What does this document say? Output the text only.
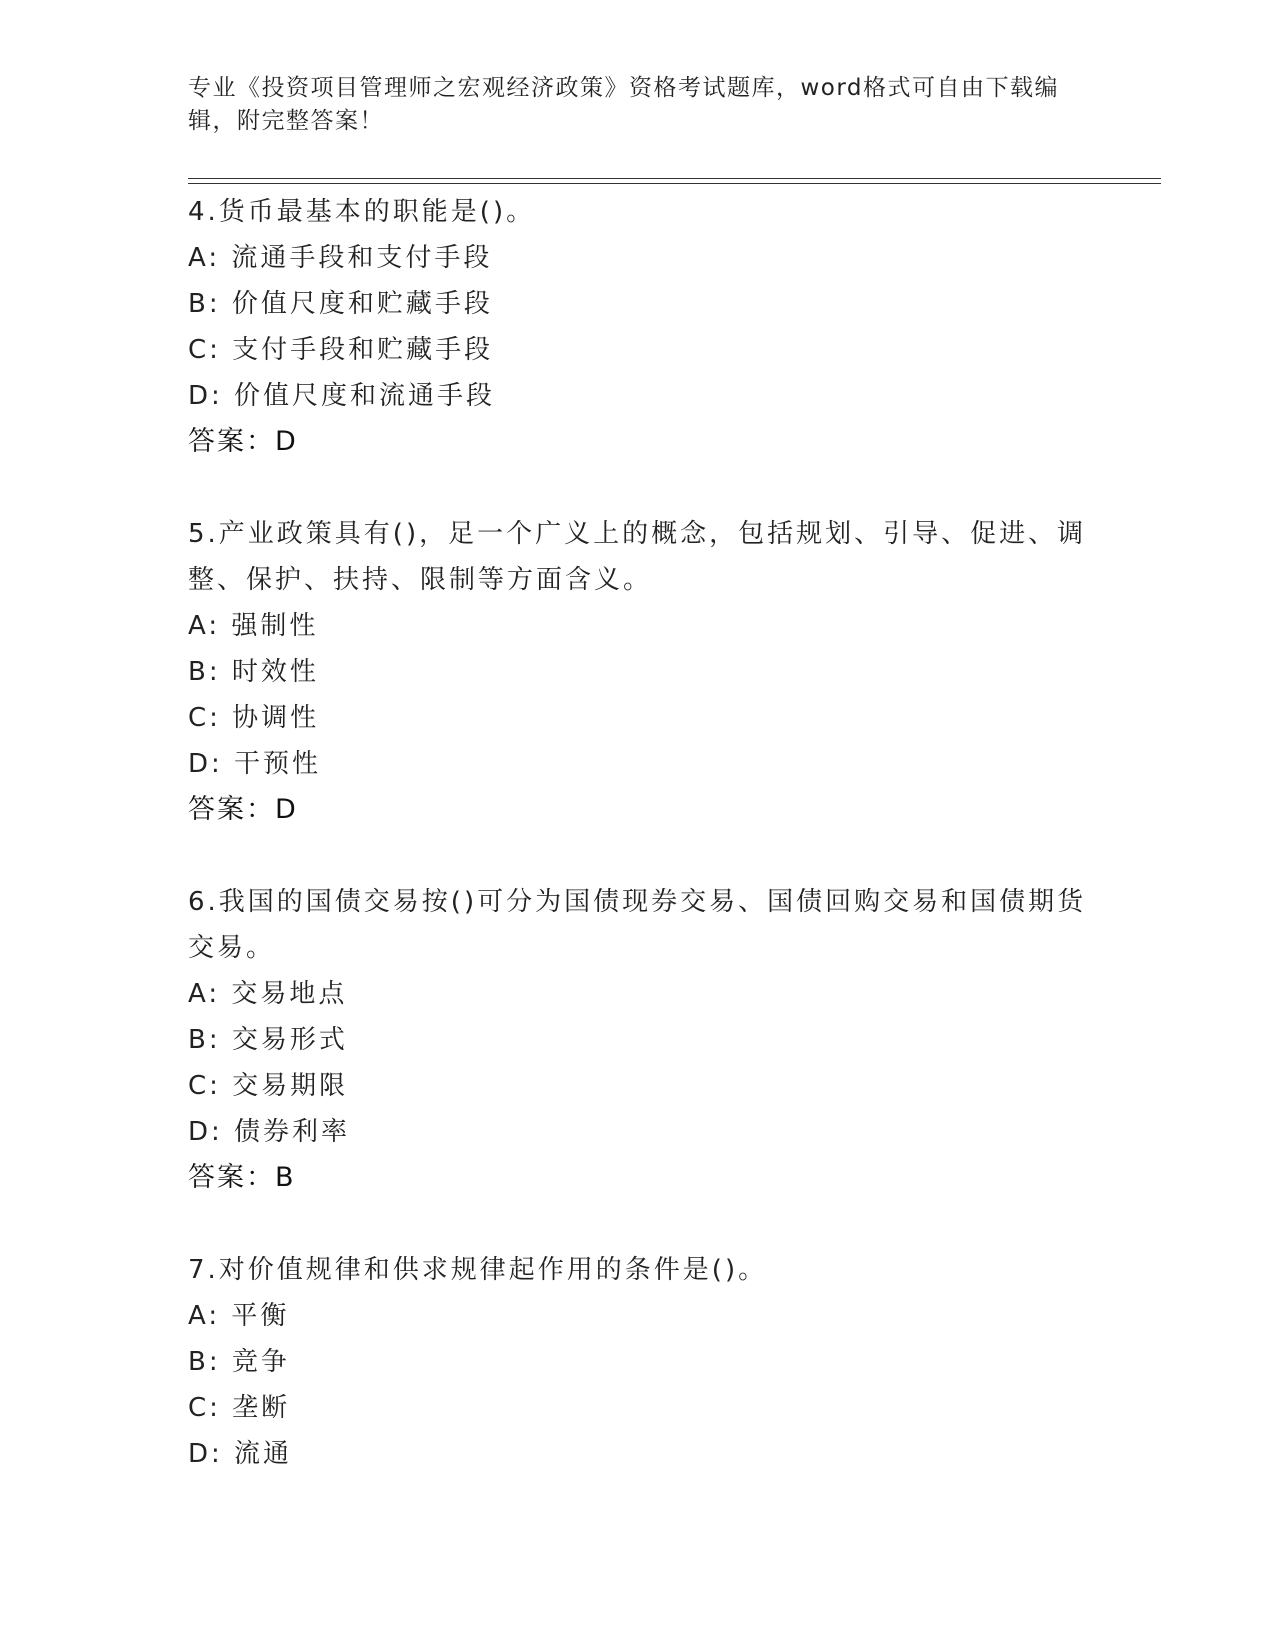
专业《投资项目管理师之宏观经济政策》资格考试题库，word格式可自由下载编辑，附完整答案！
4.货币最基本的职能是()。
A: 流通手段和支付手段
B: 价值尺度和贮藏手段
C: 支付手段和贮藏手段
D: 价值尺度和流通手段
答案：D
5.产业政策具有()，足一个广义上的概念，包括规划、引导、促进、调整、保护、扶持、限制等方面含义。
A: 强制性
B: 时效性
C: 协调性
D: 干预性
答案：D
6.我国的国债交易按()可分为国债现券交易、国债回购交易和国债期货交易。
A: 交易地点
B: 交易形式
C: 交易期限
D: 债券利率
答案：B
7.对价值规律和供求规律起作用的条件是()。
A: 平衡
B: 竞争
C: 垄断
D: 流通
